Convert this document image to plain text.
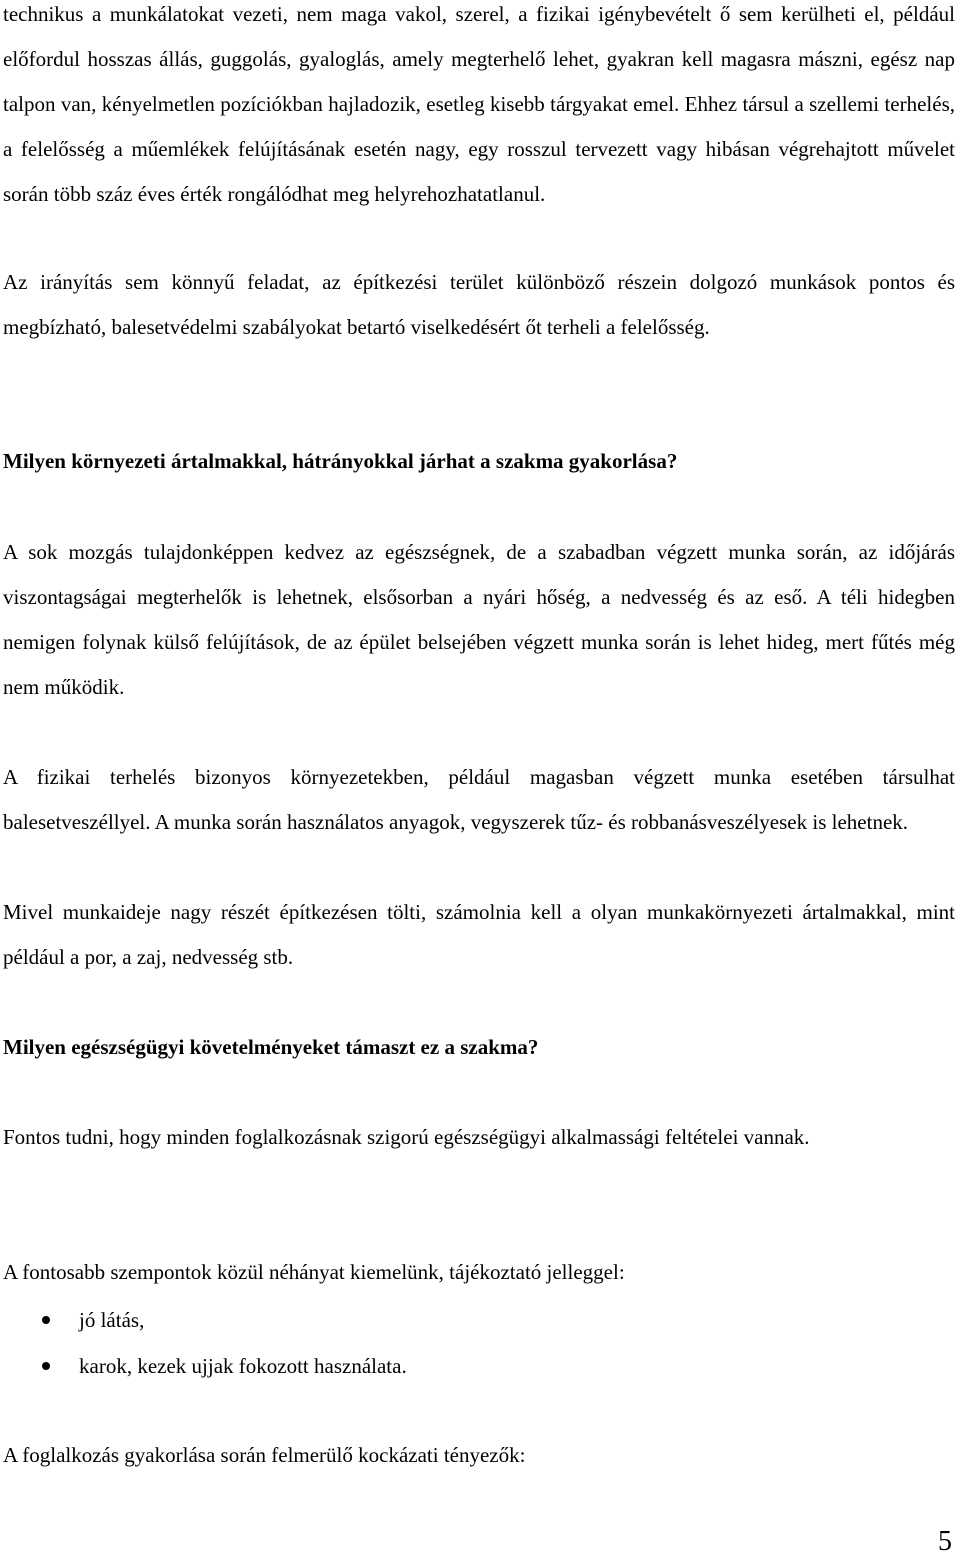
technikus a munkálatokat vezeti, nem maga vakol, szerel, a fizikai igénybevételt ő sem kerülheti el, például előfordul hosszas állás, guggolás, gyaloglás, amely megterhelő lehet, gyakran kell magasra mászni, egész nap talpon van, kényelmetlen pozíciókban hajladozik, esetleg kisebb tárgyakat emel. Ehhez társul a szellemi terhelés, a felelősség a műemlékek felújításának esetén nagy, egy rosszul tervezett vagy hibásan végrehajtott művelet során több száz éves érték rongálódhat meg helyrehozhatatlanul.

Az irányítás sem könnyű feladat, az építkezési terület különböző részein dolgozó munkások pontos és megbízható, balesetvédelmi szabályokat betartó viselkedésért őt terheli a felelősség.

Milyen környezeti ártalmakkal, hátrányokkal járhat a szakma gyakorlása?

A sok mozgás tulajdonképpen kedvez az egészségnek, de a szabadban végzett munka során, az időjárás viszontagságai megterhelők is lehetnek, elsősorban a nyári hőség, a nedvesség és az eső. A téli hidegben nemigen folynak külső felújítások, de az épület belsejében végzett munka során is lehet hideg, mert fűtés még nem működik.

A fizikai terhelés bizonyos környezetekben, például magasban végzett munka esetében társulhat balesetveszéllyel. A munka során használatos anyagok, vegyszerek tűz- és robbanásveszélyesek is lehetnek.

Mivel munkaideje nagy részét építkezésen tölti, számolnia kell a olyan munkakörnyezeti ártalmakkal, mint például a por, a zaj, nedvesség stb.

Milyen egészségügyi követelményeket támaszt ez a szakma?

Fontos tudni, hogy minden foglalkozásnak szigorú egészségügyi alkalmassági feltételei vannak.

A fontosabb szempontok közül néhányat kiemelünk, tájékoztató jelleggel:

jó látás,
karok, kezek ujjak fokozott használata.

A foglalkozás gyakorlása során felmerülő kockázati tényezők:

5
